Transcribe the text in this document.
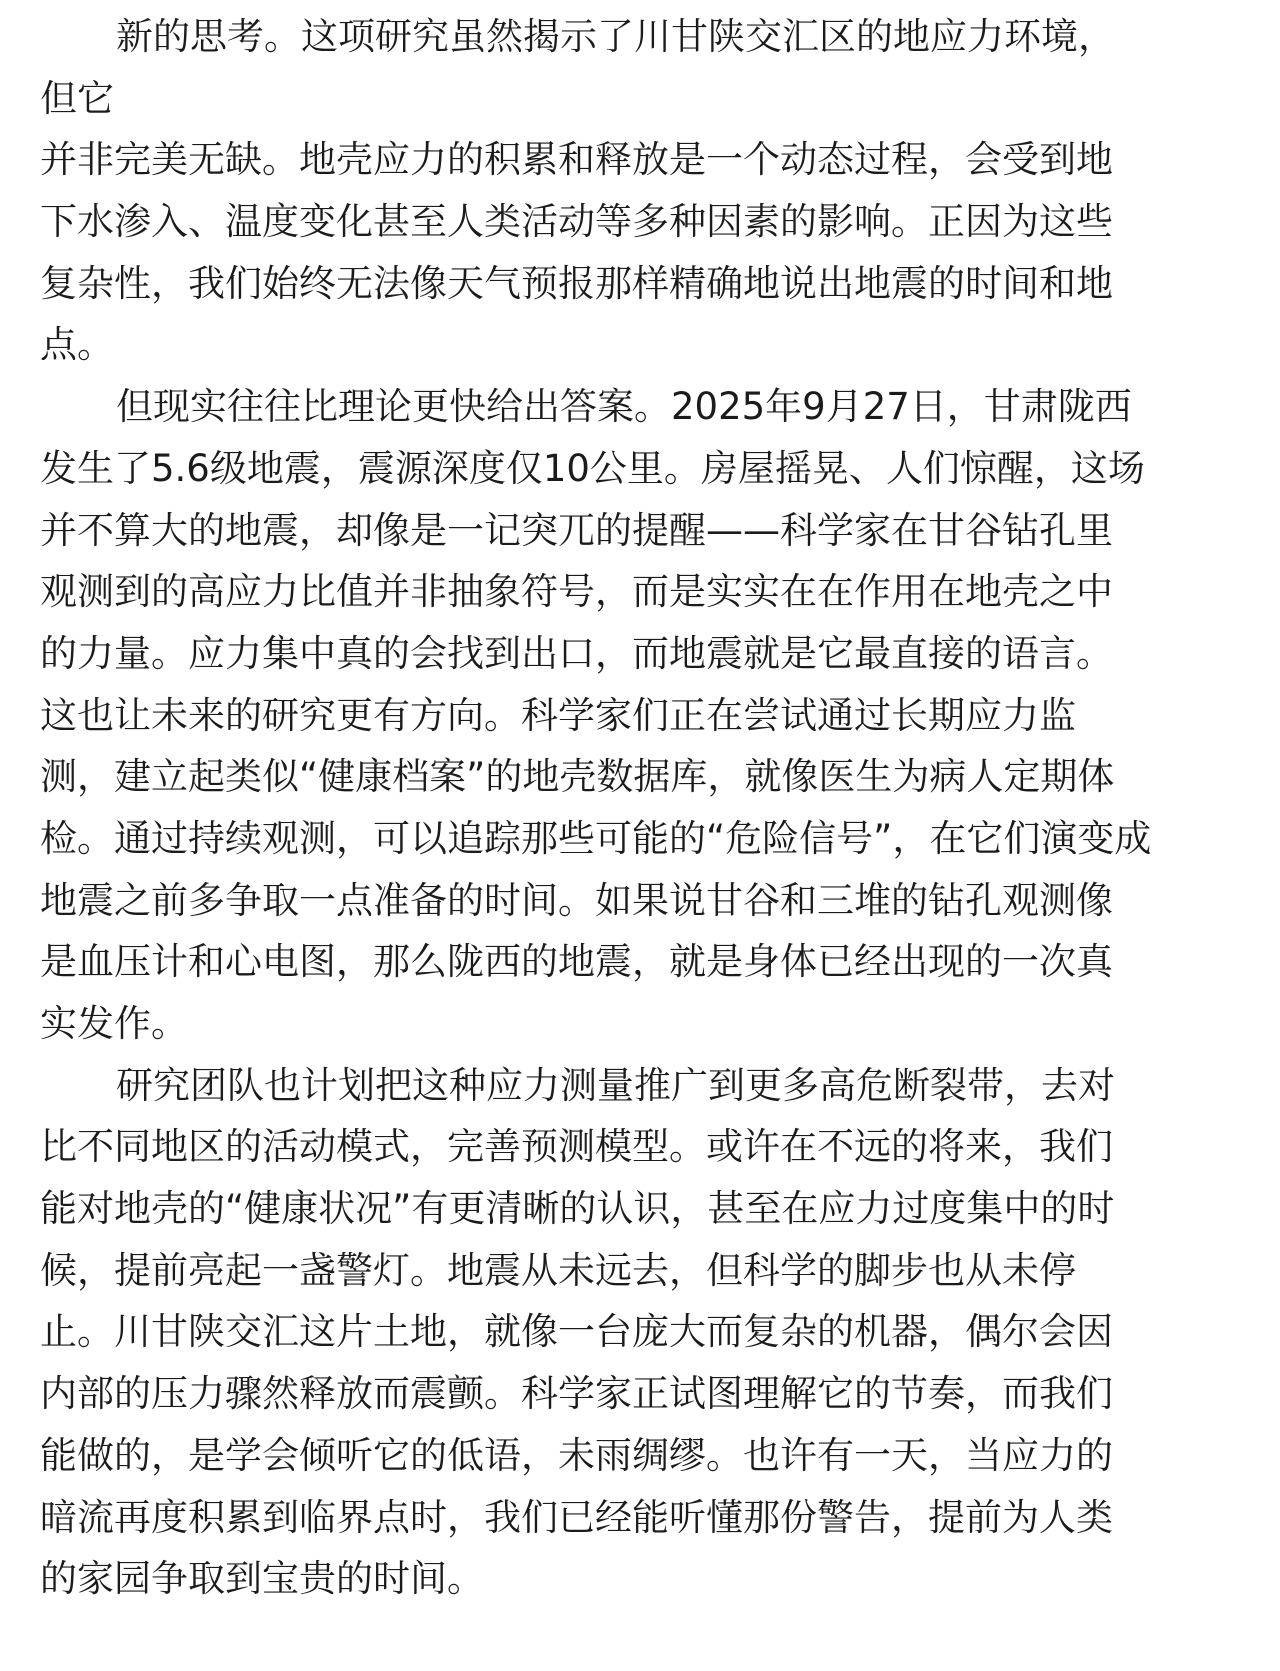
新的思考。这项研究虽然揭示了川甘陕交汇区的地应力环境，
但它
并非完美无缺。地壳应力的积累和释放是一个动态过程，会受到地
下水渗入、温度变化甚至人类活动等多种因素的影响。正因为这些
复杂性，我们始终无法像天气预报那样精确地说出地震的时间和地
点。
但现实往往比理论更快给出答案。2025年9月27日，甘肃陇西
发生了5.6级地震，震源深度仅10公里。房屋摇晃、人们惊醒，这场
并不算大的地震，却像是一记突兀的提醒——科学家在甘谷钻孔里
观测到的高应力比值并非抽象符号，而是实实在在作用在地壳之中
的力量。应力集中真的会找到出口，而地震就是它最直接的语言。
这也让未来的研究更有方向。科学家们正在尝试通过长期应力监
测，建立起类似“健康档案”的地壳数据库，就像医生为病人定期体
检。通过持续观测，可以追踪那些可能的“危险信号”，在它们演变成
地震之前多争取一点准备的时间。如果说甘谷和三堆的钻孔观测像
是血压计和心电图，那么陇西的地震，就是身体已经出现的一次真
实发作。
研究团队也计划把这种应力测量推广到更多高危断裂带，去对
比不同地区的活动模式，完善预测模型。或许在不远的将来，我们
能对地壳的“健康状况”有更清晰的认识，甚至在应力过度集中的时
候，提前亮起一盏警灯。地震从未远去，但科学的脚步也从未停
止。川甘陕交汇这片土地，就像一台庞大而复杂的机器，偶尔会因
内部的压力骤然释放而震颤。科学家正试图理解它的节奏，而我们
能做的，是学会倾听它的低语，未雨绸缪。也许有一天，当应力的
暗流再度积累到临界点时，我们已经能听懂那份警告，提前为人类
的家园争取到宝贵的时间。
